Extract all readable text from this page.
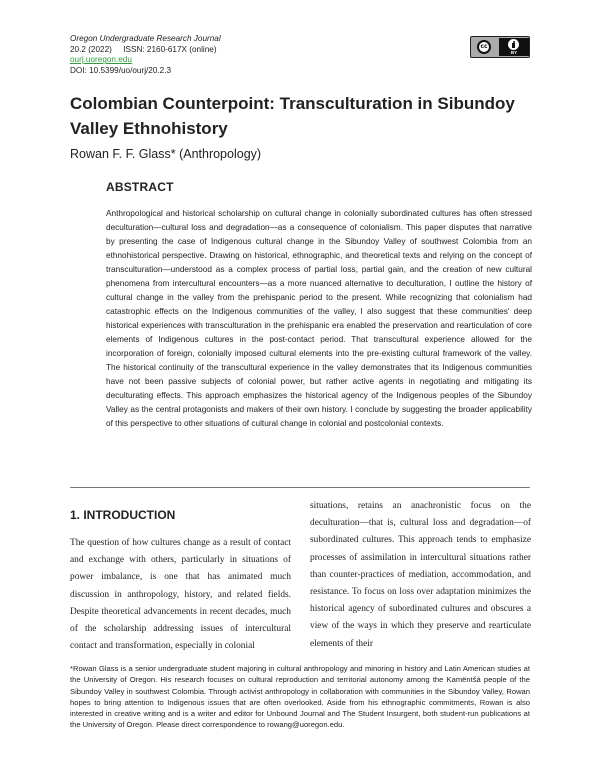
Oregon Undergraduate Research Journal
20.2 (2022)     ISSN: 2160-617X (online)
ourj.uoregon.edu
DOI: 10.5399/uo/ourj/20.2.3
cc
BY
Colombian Counterpoint: Transculturation in Sibundoy Valley Ethnohistory
Rowan F. F. Glass* (Anthropology)
ABSTRACT

Anthropological and historical scholarship on cultural change in colonially subordinated cultures has often stressed deculturation—cultural loss and degradation—as a consequence of colonialism. This paper disputes that narrative by presenting the case of Indigenous cultural change in the Sibundoy Valley of southwest Colombia from an ethnohistorical perspective. Drawing on historical, ethnographic, and theoretical texts and relying on the concept of transculturation—understood as a complex process of partial loss, partial gain, and the creation of new cultural phenomena from intercultural encounters—as a more nuanced alternative to deculturation, I outline the history of cultural change in the valley from the prehispanic period to the present. While recognizing that colonialism had catastrophic effects on the Indigenous communities of the valley, I also suggest that these communities' deep historical experiences with transculturation in the prehispanic era enabled the preservation and rearticulation of core elements of Indigenous cultures in the post-contact period. That transcultural experience allowed for the incorporation of foreign, colonially imposed cultural elements into the pre-existing cultural framework of the valley. The historical continuity of the transcultural experience in the valley demonstrates that its Indigenous communities have not been passive subjects of colonial power, but rather active agents in negotiating and mitigating its deculturating effects. This approach emphasizes the historical agency of the Indigenous peoples of the Sibundoy Valley as the central protagonists and makers of their own history. I conclude by suggesting the broader applicability of this perspective to other situations of cultural change in colonial and postcolonial contexts.

1. INTRODUCTION

The question of how cultures change as a result of contact and exchange with others, particularly in situations of power imbalance, is one that has animated much discussion in anthropology, history, and related fields. Despite theoretical advancements in recent decades, much of the scholarship addressing issues of intercultural contact and transformation, especially in colonial

situations, retains an anachronistic focus on the deculturation—that is, cultural loss and degradation—of subordinated cultures. This approach tends to emphasize processes of assimilation in intercultural situations rather than counter-practices of mediation, accommodation, and resistance. To focus on loss over adaptation minimizes the historical agency of subordinated cultures and obscures a view of the ways in which they preserve and rearticulate elements of their

*Rowan Glass is a senior undergraduate student majoring in cultural anthropology and minoring in history and Latin American studies at the University of Oregon. His research focuses on cultural reproduction and territorial autonomy among the Kamëntšá people of the Sibundoy Valley in southwest Colombia. Through activist anthropology in collaboration with communities in the Sibundoy Valley, Rowan hopes to bring attention to Indigenous issues that are often overlooked. Aside from his ethnographic commitments, Rowan is also interested in creative writing and is a writer and editor for Unbound Journal and The Student Insurgent, both student-run publications at the University of Oregon. Please direct correspondence to rowang@uoregon.edu.
